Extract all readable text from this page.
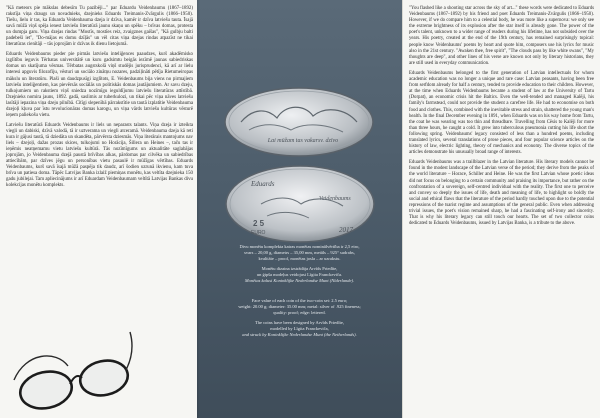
"Kā meteors pie mākslas debesīm Tu pazibēji..." par Eduardu Veidenbaumu (1867–1892) rakstīja viņa draugs un novadnieks, dzejnieks Eduards Treimanis-Zvārgulis (1866–1950). Tiešu, lielu ir tas, ka Eduarda Veidenbauma dzeja ir dzīva, kamēr ir dzīva latviešu tauta. Īsajā savā mūžā viņš spēja ienest latviešu literatūrā jaunu skaņu un spēku – brīvas domas, protesta un dumpja garu. Viņa dzejas rindas "Mostīs, mostīes reiz, zvaigznes gaišas", "Kā gulbju balti padebeši iet", "Do-mājas es domu dzīļās" un vēl citas viņa dzejas rindas atpazīst ne tikai literatūras cienītāji – tās joprojām ir dzīvas ik dienu lietojumā.

Eduards Veidenbaums pieder pie pirmās latviešu inteliģences paaudzes, kurš akadēmisko izglītību ieguvis Tērbatas universitātē un kuru gadsimtu beigās iezīmē jaunas sabiedriskas domas un skatījuma vēsmas. Tērbatas augstskolā viņš studējis jurisprudenci, kā arī ar lielu interesi apguvis filozofiju, vēsturi un sociālo zinātņu nozares, padziļināti pētīja Rietumeiropas mākslu un literatūru. Plaši un daudzpusīgi izglītots, E. Veidenbaums bija viens no pirmajiem latviešu inteliģentiem, kas pievērsās sociālās un politiskās domas jautājumiem. Ar savu dzeju, tulkojumiem un rakstiem viņš sniedza nozīmīgu ieguldījumu latviešu literatūras attīstībā. Dzejnieks nomira jauns, 1892. gadā, saslimis ar tuberkulozi, un tikai pēc viņa nāves latviešu lasītāji iepazina viņa dzeju pilnībā. Cītīgi slepenībā pārrakstītie un tautā izplatītie Veidenbauma dzejoļi kļuva par īstu revolucionāras domas karogu, un viņa vārds latviešu kultūras vēsturē ieņem paliekošu vietu.

Latviešu literatūrā Eduards Veidenbaums ir liels un neparasts talants. Viņa dzeja ir izteikta viegli un dabiski, dzīvā valodā, tā ir uztverama un viegli atceramā. Veidenbauma dzeja kā reti kura ir gājusi tautā, tā dziedāta un skandēta, pārvērsta dziesmās. Viņa literārais mantojums nav liels – dzejoļi, dažas prozas skices, tulkojumi no Horācija, Šillera un Heines –, taču tas ir ieņēmis neatņemamu vietu latviešu kultūrā. Tās nozīmīgums un aktualitāte saglabājas joprojām, jo Veidenbauma dzejā paustā brīvības alkas, pārdomas par cilvēka un sabiedrības attiecībām, par dzīves jēgu un personības vietu pasaulē ir mūžīgas vērtības. Eduards Veidenbaums, kurš savā īsajā mūžā paspēja tik daudz, arī šodien uzrunā ikvienu, kam tuva brīva un patiesa doma. Tāpēc Latvijas Banka izlaiž piemiņas monētu, kas veltīta dzejnieka 150 gadu jubilejai. Tam apliecinājums ir arī Eduardam Veidenbaumam veltītā Latvijas Bankas divu kolekcijas monētu komplekts.

Lai mūžam tas vakarsv. dzīvo
Eduards
Veidenbaums
2 5
EURO	2017

Divu monētu komplekta katras monētas nominālvērtība ir 2,5 eiro,

svars – 20,00 g, diametrs – 35,00 mm, metāls – 925° sudrabs,

kvalitāte – proof, monētas josla – ar uzrakstu.

Monētu dizaina izstrādāja Arvīds Priedīte,

un ģipša modeļus veidojusi Līgita Franckeviča.

Monētas kalusi Koninklijke Nederlandse Munt (Nīderlande).

Face value of each coin of the two-coin set: 2.5 euro;

weight: 20.00 g; diameter: 35.00 mm; metal: silver of .925 fineness;

quality: proof; edge: lettered.

The coins have been designed by Arvīds Priedīte,

modelled by Līgita Franckeviča,

and struck by Koninklijke Nederlandse Munt (the Netherlands).

"You flashed like a shooting star across the sky of art..." these words were dedicated to Eduards Veidenbaums (1867–1892) by his friend and poet Eduards Treimanis-Zvārgulis (1866–1950). However, if we do compare him to a celestial body, he was more like a supernova: we only see the extreme brightness of its explosion after the star itself is already gone. The power of the poet's talent, unknown to a wider range of readers during his lifetime, has not subsided over the years. His poetry, created at the end of the 19th century, has remained surprisingly topical: people know Veidenbaums' poems by heart and quote him, composers use his lyrics for music also in the 21st century. "Awaken thee, free spirit", "The clouds pass by like white swans", "My thoughts are deep", and other lines of his verse are known not only by literary historians, they are still used in everyday communication.

Eduards Veidenbaums belonged to the first generation of Latvian intellectuals for whom academic education was no longer a unique and rare case: Latvian peasants, having been free from serfdom already for half a century, tended to provide education to their children. However, at the time when Eduards Veidenbaums became a student of law at the University of Tartu (Dorpat), an economic crisis hit the Baltics. Even the well-tended and managed Kalēji, his family's farmstead, could not provide the student a carefree life. He had to economise on both food and clothes. This, combined with the inevitable stress and strain, shattered the young man's health. In the final December evening in 1891, when Eduards was on his way home from Tartu, the coat he was wearing was too thin and threadbare. Travelling from Cēsis to Kalēji for more than three hours, he caught a cold. It grew into tuberculous pneumonia cutting his life short the following spring. Veidenbaums' legacy consisted of less than a hundred poems, including translated lyrics, several translations of prose pieces, and four popular science articles on the history of law, electric lighting, theory of mechanics and economy. The diverse topics of the articles demonstrate his unusually broad range of interests.

Eduards Veidenbaums was a trailblazer in the Latvian literature. His literary models cannot be found in the modest landscape of the Latvian verse of the period; they derive from the peaks of the world literature – Horace, Schiller and Heine. He was the first Latvian whose poetic ideas did not focus on belonging to a certain community and praising its importance, but rather on the confrontation of a sovereign, self-centred individual with the reality. The first one to perceive and convey so deeply the issues of life, death and meaning of life, to highlight so boldly the social and ethical flaws that the literature of the period hardly touched upon due to the potential repressions of the tsarist regime and assumptions of the general public. Even when addressing trivial issues, the poet's vision remained sharp, he had a fascinating self-irony and sincerity. That is why his literary legacy can still touch our hearts. The set of two collector coins dedicated to Eduards Veidenbaums, issued by Latvijas Banka, is a tribute to the above.
